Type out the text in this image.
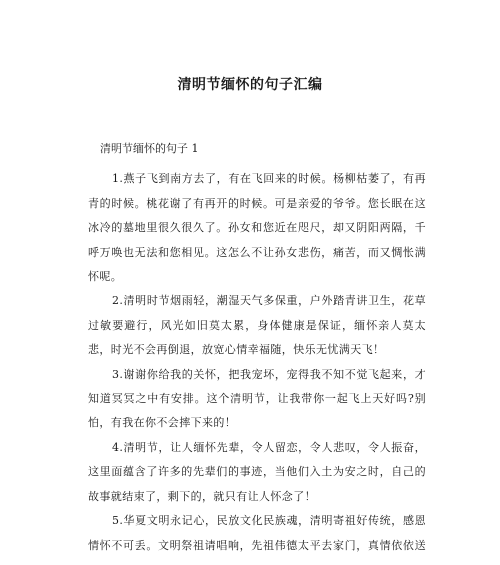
清明节缅怀的句子汇编
清明节缅怀的句子 1
1.燕子飞到南方去了，有在飞回来的时候。杨柳枯萎了，有再
青的时候。桃花谢了有再开的时候。可是亲爱的爷爷。您长眠在这
冰冷的墓地里很久很久了。孙女和您近在咫尺，却又阴阳两隔，千
呼万唤也无法和您相见。这怎么不让孙女悲伤，痛苦，而又惆怅满
怀呢。
2.清明时节烟雨轻，潮湿天气多保重，户外踏青讲卫生，花草
过敏要避行，风光如旧莫太累，身体健康是保证，缅怀亲人莫太
悲，时光不会再倒退，放宽心情幸福随，快乐无忧满天飞！
3.谢谢你给我的关怀，把我宠坏，宠得我不知不觉飞起来，才
知道冥冥之中有安排。这个清明节，让我带你一起飞上天好吗?别
怕，有我在你不会摔下来的！
4.清明节，让人缅怀先辈，令人留恋，令人悲叹，令人振奋，
这里面蕴含了许多的先辈们的事迹，当他们入土为安之时，自己的
故事就结束了，剩下的，就只有让人怀念了！
5.华夏文明永记心，民放文化民族魂，清明寄祖好传统，感恩
情怀不可丢。文明祭祖请唱响，先祖伟德太平去家门，真情依依送
